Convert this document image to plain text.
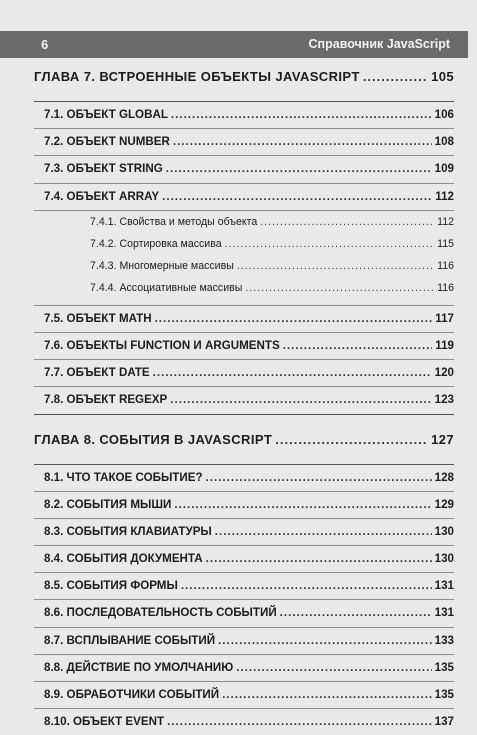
6	Справочник JavaScript
ГЛАВА 7. ВСТРОЕННЫЕ ОБЪЕКТЫ JAVASCRIPT .....	105
7.1. ОБЪЕКТ GLOBAL .....	106
7.2. ОБЪЕКТ NUMBER .....	108
7.3. ОБЪЕКТ STRING .....	109
7.4. ОБЪЕКТ ARRAY .....	112
7.4.1. Свойства и методы объекта .....	112
7.4.2. Сортировка массива .....	115
7.4.3. Многомерные массивы .....	116
7.4.4. Ассоциативные массивы .....	116
7.5. ОБЪЕКТ MATH .....	117
7.6. ОБЪЕКТЫ FUNCTION И ARGUMENTS .....	119
7.7. ОБЪЕКТ DATE .....	120
7.8. ОБЪЕКТ REGEXP .....	123
ГЛАВА 8. СОБЫТИЯ В JAVASCRIPT .....	127
8.1. ЧТО ТАКОЕ СОБЫТИЕ? .....	128
8.2. СОБЫТИЯ МЫШИ .....	129
8.3. СОБЫТИЯ КЛАВИАТУРЫ .....	130
8.4. СОБЫТИЯ ДОКУМЕНТА .....	130
8.5. СОБЫТИЯ ФОРМЫ .....	131
8.6. ПОСЛЕДОВАТЕЛЬНОСТЬ СОБЫТИЙ .....	131
8.7. ВСПЛЫВАНИЕ СОБЫТИЙ .....	133
8.8. ДЕЙСТВИЕ ПО УМОЛЧАНИЮ .....	135
8.9. ОБРАБОТЧИКИ СОБЫТИЙ .....	135
8.10. ОБЪЕКТ EVENT .....	137
